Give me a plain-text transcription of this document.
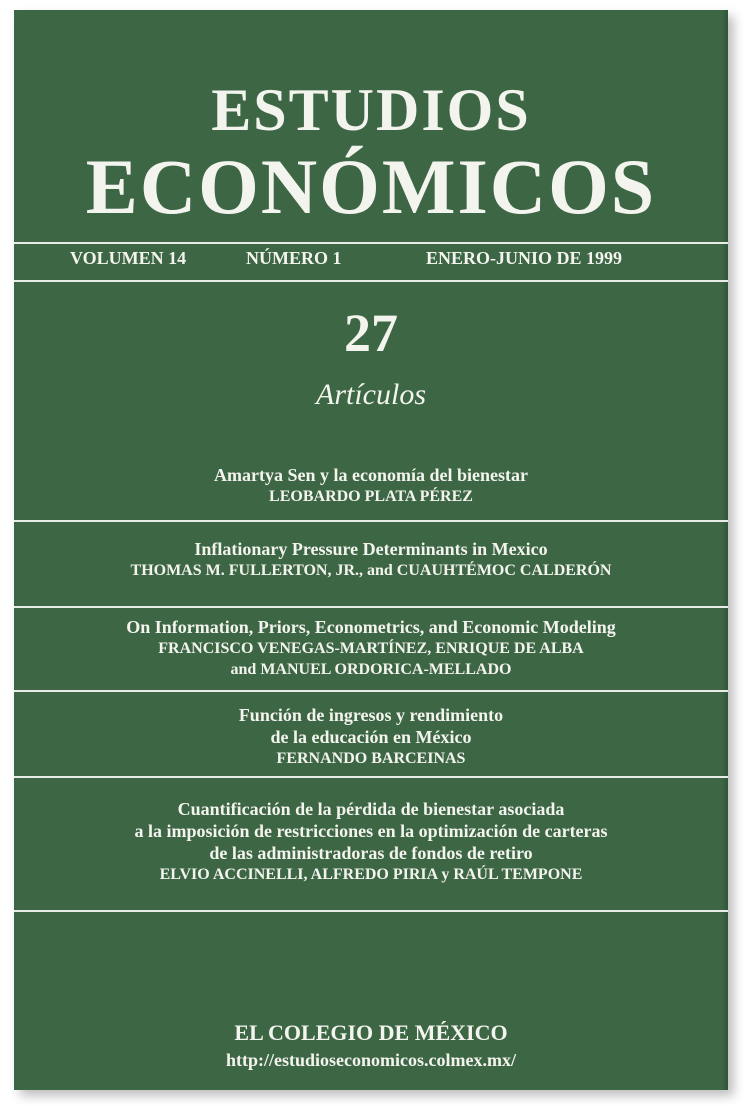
ESTUDIOS
ECONÓMICOS
VOLUMEN 14	NÚMERO 1	ENERO-JUNIO DE 1999
27
Artículos
Amartya Sen y la economía del bienestar
LEOBARDO PLATA PÉREZ
Inflationary Pressure Determinants in Mexico
THOMAS M. FULLERTON, JR., and CUAUHTÉMOC CALDERÓN
On Information, Priors, Econometrics, and Economic Modeling
FRANCISCO VENEGAS-MARTÍNEZ, ENRIQUE DE ALBA
and MANUEL ORDORICA-MELLADO
Función de ingresos y rendimiento
de la educación en México
FERNANDO BARCEINAS
Cuantificación de la pérdida de bienestar asociada
a la imposición de restricciones en la optimización de carteras
de las administradoras de fondos de retiro
ELVIO ACCINELLI, ALFREDO PIRIA y RAÚL TEMPONE
EL COLEGIO DE MÉXICO
http://estudioseconomicos.colmex.mx/
